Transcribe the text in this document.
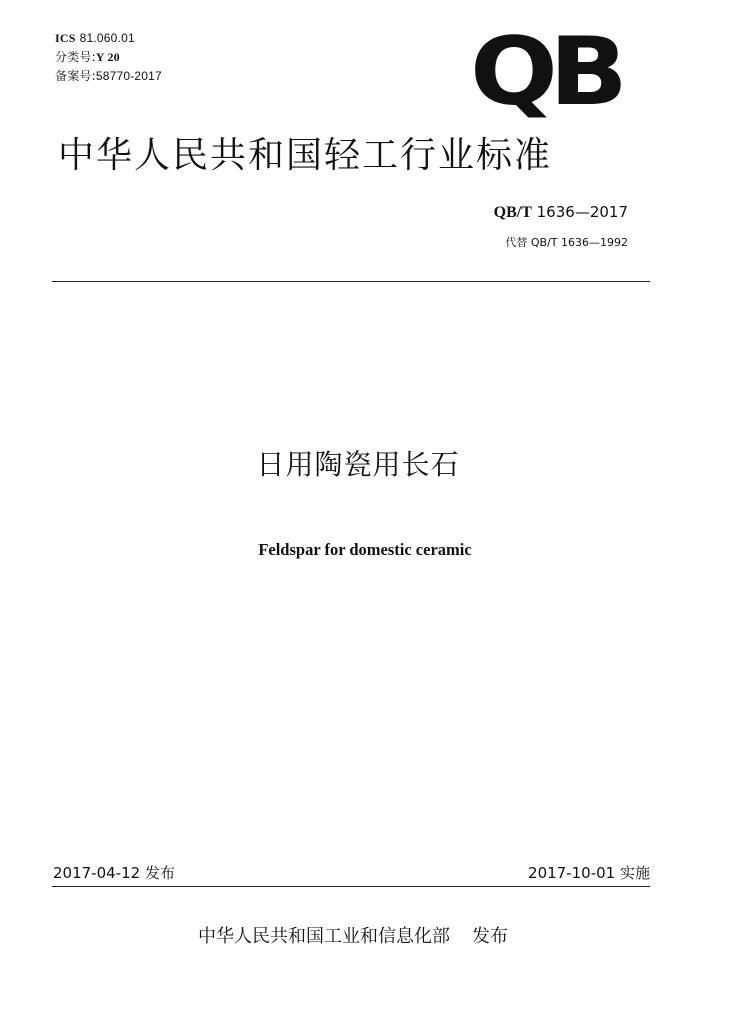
ICS 81.060.01
分类号:Y 20
备案号:58770-2017	QB
中华人民共和国轻工行业标准
QB/T 1636—2017
代替 QB/T 1636—1992
日用陶瓷用长石
Feldspar for domestic ceramic
2017-04-12 发布	2017-10-01 实施
中华人民共和国工业和信息化部 发布
